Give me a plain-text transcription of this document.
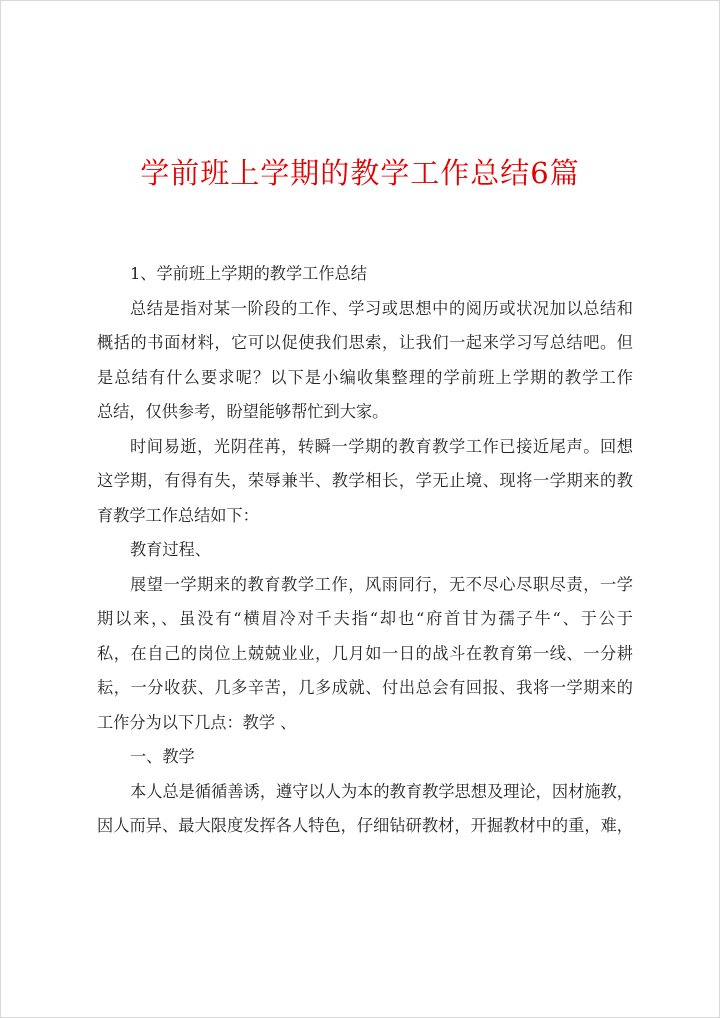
学前班上学期的教学工作总结6篇
1、学前班上学期的教学工作总结
总结是指对某一阶段的工作、学习或思想中的阅历或状况加以总结和
概括的书面材料，它可以促使我们思索，让我们一起来学习写总结吧。但
是总结有什么要求呢？以下是小编收集整理的学前班上学期的教学工作
总结，仅供参考，盼望能够帮忙到大家。
时间易逝，光阴荏苒，转瞬一学期的教育教学工作已接近尾声。回想
这学期，有得有失，荣辱兼半、教学相长，学无止境、现将一学期来的教
育教学工作总结如下：
教育过程、
展望一学期来的教育教学工作，风雨同行，无不尽心尽职尽责，一学
期以来，、虽没有“横眉冷对千夫指“却也“府首甘为孺子牛“、于公于
私，在自己的岗位上兢兢业业，几月如一日的战斗在教育第一线、一分耕
耘，一分收获、几多辛苦，几多成就、付出总会有回报、我将一学期来的
工作分为以下几点：教学 、
一、教学
本人总是循循善诱，遵守以人为本的教育教学思想及理论，因材施教，
因人而异、最大限度发挥各人特色，仔细钻研教材，开掘教材中的重，难，
